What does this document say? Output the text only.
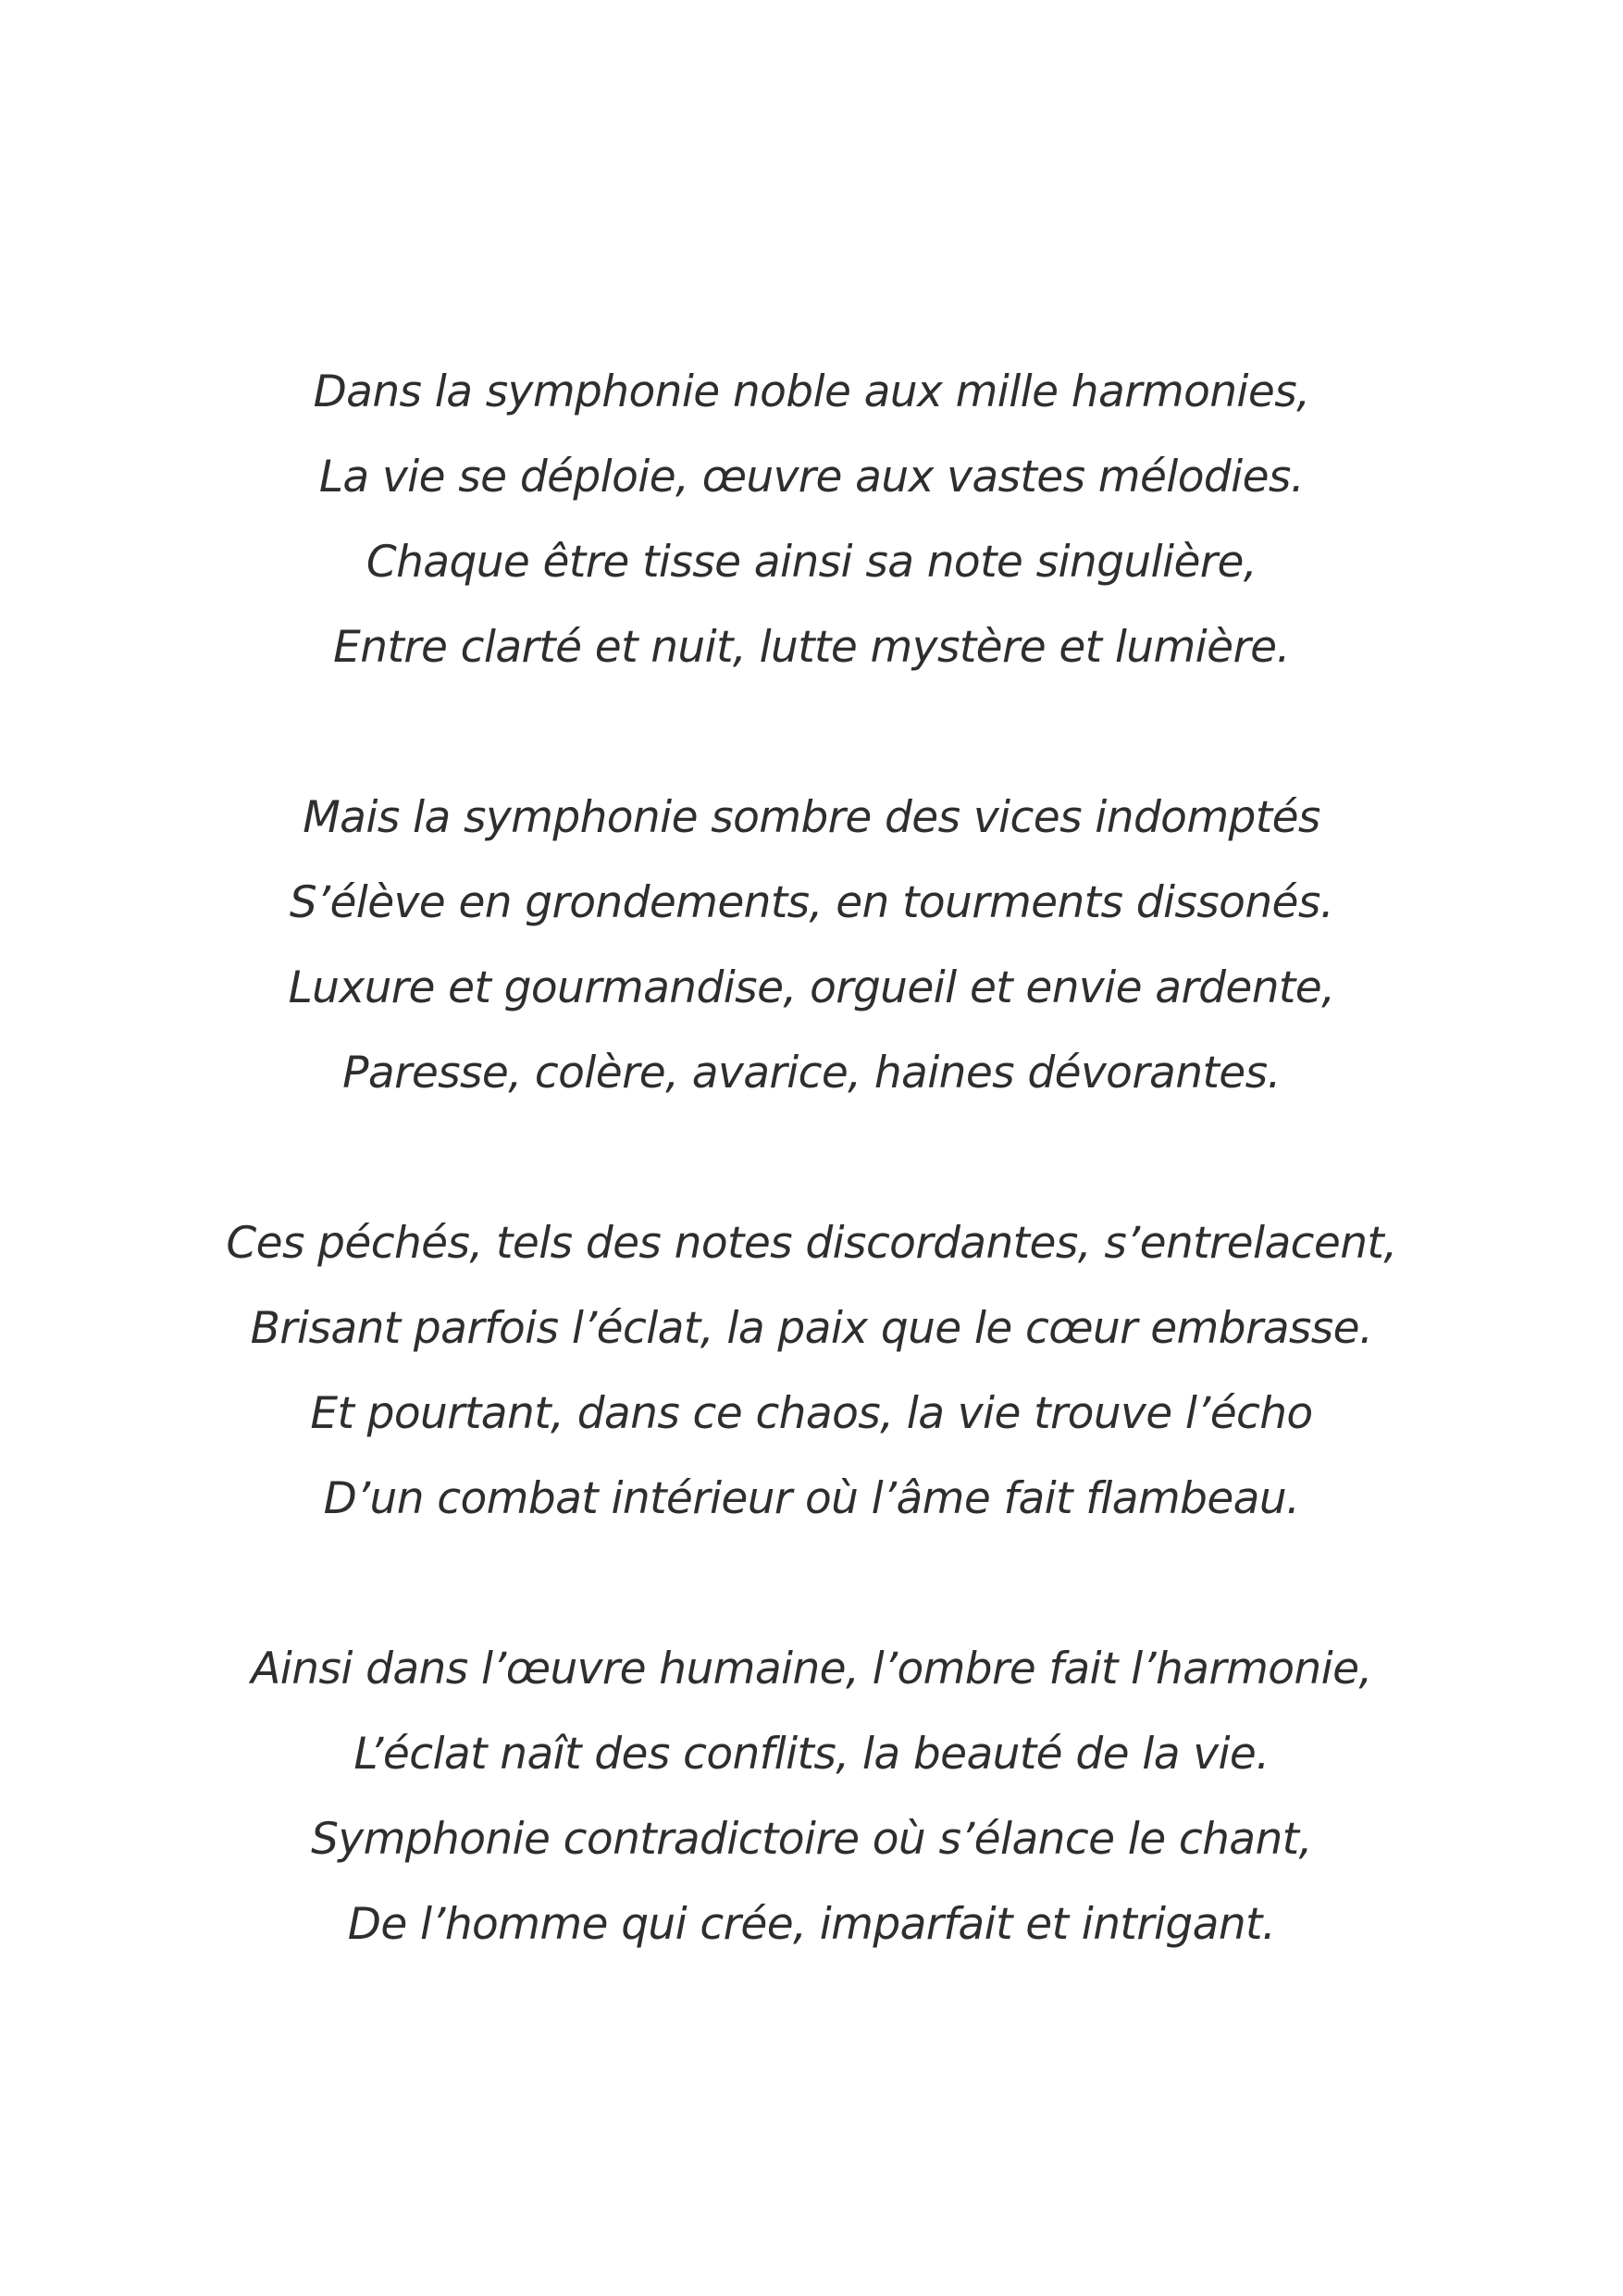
Dans la symphonie noble aux mille harmonies,
La vie se déploie, œuvre aux vastes mélodies.
Chaque être tisse ainsi sa note singulière,
Entre clarté et nuit, lutte mystère et lumière.
Mais la symphonie sombre des vices indomptés
S’élève en grondements, en tourments dissonés.
Luxure et gourmandise, orgueil et envie ardente,
Paresse, colère, avarice, haines dévorantes.
Ces péchés, tels des notes discordantes, s’entrelacent,
Brisant parfois l’éclat, la paix que le cœur embrasse.
Et pourtant, dans ce chaos, la vie trouve l’écho
D’un combat intérieur où l’âme fait flambeau.
Ainsi dans l’œuvre humaine, l’ombre fait l’harmonie,
L’éclat naît des conflits, la beauté de la vie.
Symphonie contradictoire où s’élance le chant,
De l’homme qui crée, imparfait et intrigant.
